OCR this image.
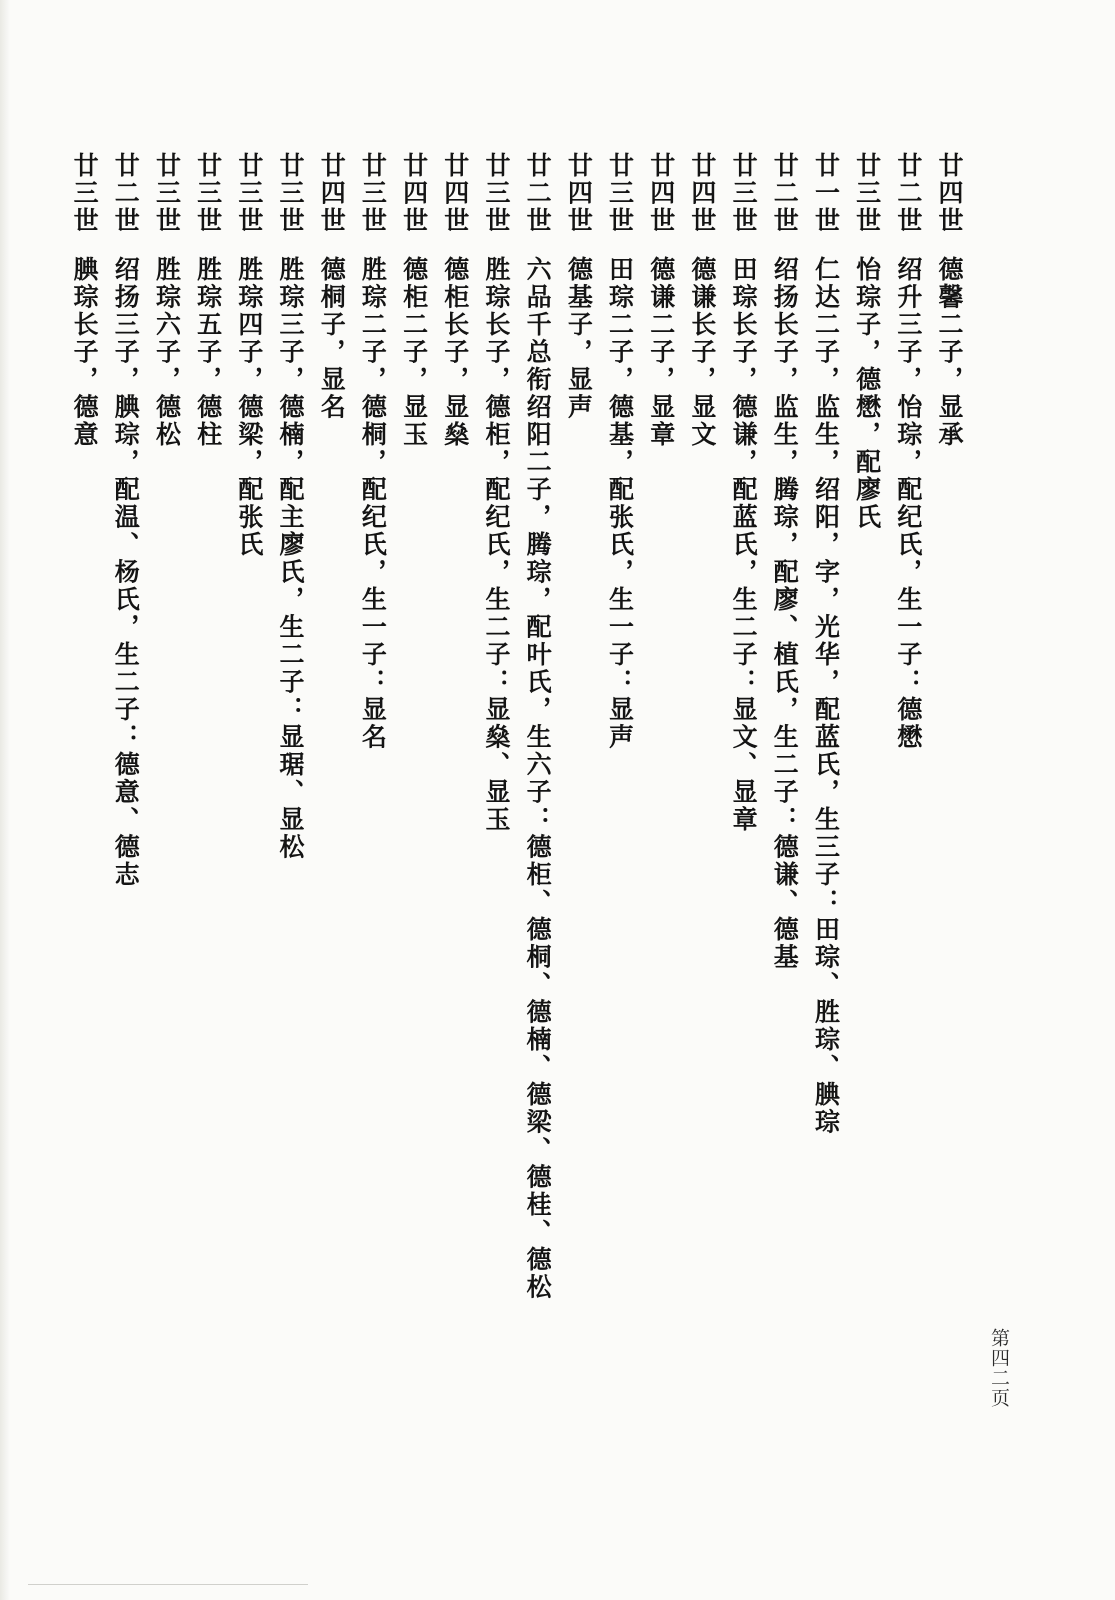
廿四世
德馨二子，显承
廿二世
绍升三子，怡琮，配纪氏，生一子：德懋
廿三世
怡琮子，德懋，配廖氏
廿一世
仁达二子，监生，绍阳，字，光华，配蓝氏，生三子：田琮、胜琮、腆琮
廿二世
绍扬长子，监生，腾琮，配廖、植氏，生二子：德谦、德基
廿三世
田琮长子，德谦，配蓝氏，生二子：显文、显章
廿四世
德谦长子，显文
廿四世
德谦二子，显章
廿三世
田琮二子，德基，配张氏，生一子：显声
廿四世
德基子，显声
廿二世
六品千总衔绍阳二子，腾琮，配叶氏，生六子：德柜、德桐、德楠、德梁、德桂、德松
廿三世
胜琮长子，德柜，配纪氏，生二子：显燊、显玉
廿四世
德柜长子，显燊
廿四世
德柜二子，显玉
廿三世
胜琮二子，德桐，配纪氏，生一子：显名
廿四世
德桐子，显名
廿三世
胜琮三子，德楠，配主廖氏，生二子：显琚、显松
廿三世
胜琮四子，德梁，配张氏
廿三世
胜琮五子，德柱
廿三世
胜琮六子，德松
廿二世
绍扬三子，腆琮，配温、杨氏，生二子：德意、德志
廿三世
腆琮长子，德意
第四二页
